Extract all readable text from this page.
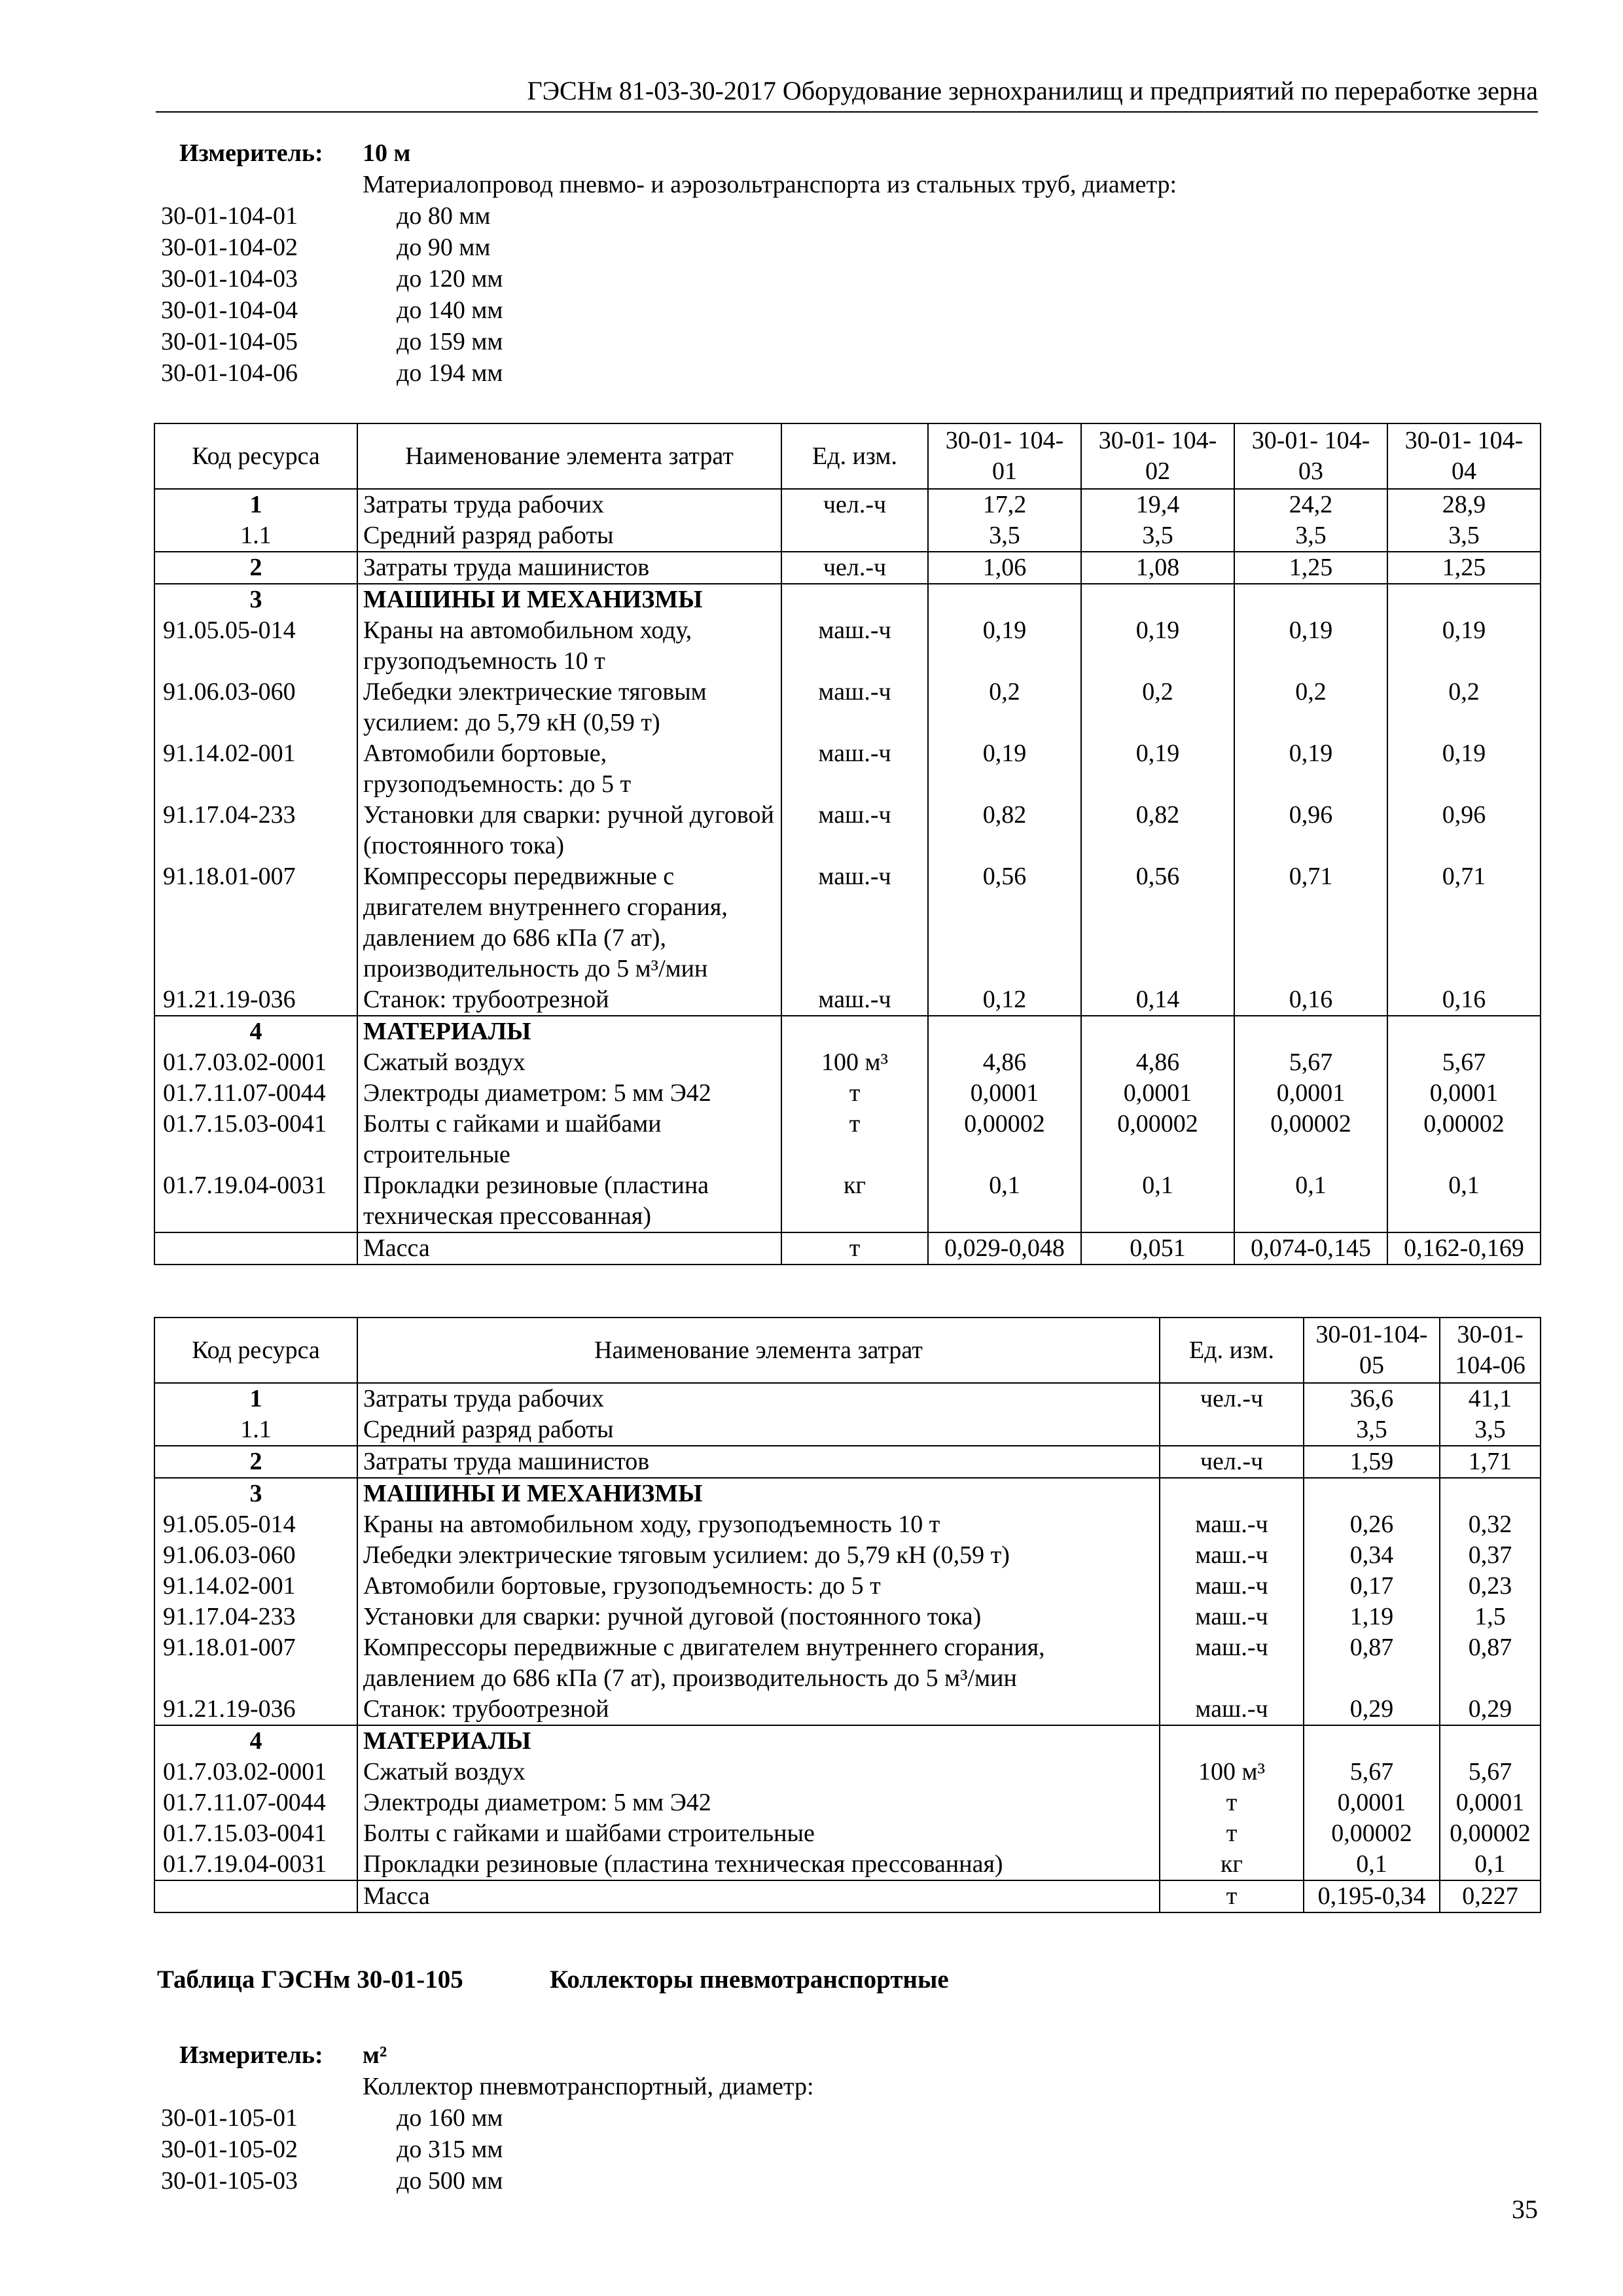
ГЭСНм 81-03-30-2017 Оборудование зернохранилищ и предприятий по переработке зерна
Измеритель: 10 м
Материалопровод пневмо- и аэрозольтранспорта из стальных труб, диаметр:
30-01-104-01	до 80 мм
30-01-104-02	до 90 мм
30-01-104-03	до 120 мм
30-01-104-04	до 140 мм
30-01-104-05	до 159 мм
30-01-104-06	до 194 мм
Код ресурса	Наименование элемента затрат	Ед. изм.	30-01- 104-01	30-01- 104-02	30-01- 104-03	30-01- 104-04
1	Затраты труда рабочих	чел.-ч	17,2	19,4	24,2	28,9
1.1	Средний разряд работы		3,5	3,5	3,5	3,5
2	Затраты труда машинистов	чел.-ч	1,06	1,08	1,25	1,25
3	МАШИНЫ И МЕХАНИЗМЫ					
91.05.05-014	Краны на автомобильном ходу, грузоподъемность 10 т	маш.-ч	0,19	0,19	0,19	0,19
91.06.03-060	Лебедки электрические тяговым усилием: до 5,79 кН (0,59 т)	маш.-ч	0,2	0,2	0,2	0,2
91.14.02-001	Автомобили бортовые, грузоподъемность: до 5 т	маш.-ч	0,19	0,19	0,19	0,19
91.17.04-233	Установки для сварки: ручной дуговой (постоянного тока)	маш.-ч	0,82	0,82	0,96	0,96
91.18.01-007	Компрессоры передвижные с двигателем внутреннего сгорания, давлением до 686 кПа (7 ат), производительность до 5 м³/мин	маш.-ч	0,56	0,56	0,71	0,71
91.21.19-036	Станок: трубоотрезной	маш.-ч	0,12	0,14	0,16	0,16
4	МАТЕРИАЛЫ					
01.7.03.02-0001	Сжатый воздух	100 м³	4,86	4,86	5,67	5,67
01.7.11.07-0044	Электроды диаметром: 5 мм Э42	т	0,0001	0,0001	0,0001	0,0001
01.7.15.03-0041	Болты с гайками и шайбами строительные	т	0,00002	0,00002	0,00002	0,00002
01.7.19.04-0031	Прокладки резиновые (пластина техническая прессованная)	кг	0,1	0,1	0,1	0,1
	Масса	т	0,029-0,048	0,051	0,074-0,145	0,162-0,169
Код ресурса	Наименование элемента затрат	Ед. изм.	30-01-104-05	30-01-104-06
1	Затраты труда рабочих	чел.-ч	36,6	41,1
1.1	Средний разряд работы		3,5	3,5
2	Затраты труда машинистов	чел.-ч	1,59	1,71
3	МАШИНЫ И МЕХАНИЗМЫ			
91.05.05-014	Краны на автомобильном ходу, грузоподъемность 10 т	маш.-ч	0,26	0,32
91.06.03-060	Лебедки электрические тяговым усилием: до 5,79 кН (0,59 т)	маш.-ч	0,34	0,37
91.14.02-001	Автомобили бортовые, грузоподъемность: до 5 т	маш.-ч	0,17	0,23
91.17.04-233	Установки для сварки: ручной дуговой (постоянного тока)	маш.-ч	1,19	1,5
91.18.01-007	Компрессоры передвижные с двигателем внутреннего сгорания, давлением до 686 кПа (7 ат), производительность до 5 м³/мин	маш.-ч	0,87	0,87
91.21.19-036	Станок: трубоотрезной	маш.-ч	0,29	0,29
4	МАТЕРИАЛЫ			
01.7.03.02-0001	Сжатый воздух	100 м³	5,67	5,67
01.7.11.07-0044	Электроды диаметром: 5 мм Э42	т	0,0001	0,0001
01.7.15.03-0041	Болты с гайками и шайбами строительные	т	0,00002	0,00002
01.7.19.04-0031	Прокладки резиновые (пластина техническая прессованная)	кг	0,1	0,1
	Масса	т	0,195-0,34	0,227
Таблица ГЭСНм 30-01-105	Коллекторы пневмотранспортные
Измеритель: м²
Коллектор пневмотранспортный, диаметр:
30-01-105-01	до 160 мм
30-01-105-02	до 315 мм
30-01-105-03	до 500 мм
35
